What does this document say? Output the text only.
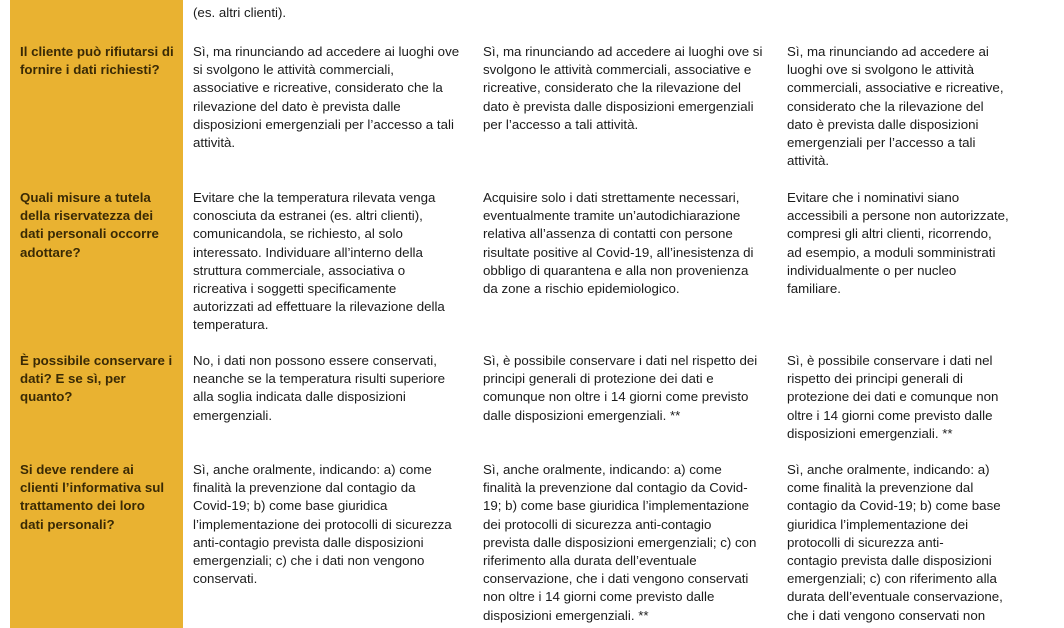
(es. altri clienti).
Il cliente può rifiutarsi di
fornire i dati richiesti?
Sì, ma rinunciando ad accedere ai luoghi ove
si svolgono le attività commerciali,
associative e ricreative, considerato che la
rilevazione del dato è prevista dalle
disposizioni emergenziali per l’accesso a tali
attività.
Sì, ma rinunciando ad accedere ai luoghi ove si
svolgono le attività commerciali, associative e
ricreative, considerato che la rilevazione del
dato è prevista dalle disposizioni emergenziali
per l’accesso a tali attività.
Sì, ma rinunciando ad accedere ai
luoghi ove si svolgono le attività
commerciali, associative e ricreative,
considerato che la rilevazione del
dato è prevista dalle disposizioni
emergenziali per l’accesso a tali
attività.
Quali misure a tutela
della riservatezza dei
dati personali occorre
adottare?
Evitare che la temperatura rilevata venga
conosciuta da estranei (es. altri clienti),
comunicandola, se richiesto, al solo
interessato. Individuare all’interno della
struttura commerciale, associativa o
ricreativa i soggetti specificamente
autorizzati ad effettuare la rilevazione della
temperatura.
Acquisire solo i dati strettamente necessari,
eventualmente tramite un’autodichiarazione
relativa all’assenza di contatti con persone
risultate positive al Covid-19, all’inesistenza di
obbligo di quarantena e alla non provenienza
da zone a rischio epidemiologico.
Evitare che i nominativi siano
accessibili a persone non autorizzate,
compresi gli altri clienti, ricorrendo,
ad esempio, a moduli somministrati
individualmente o per nucleo
familiare.
È possibile conservare i
dati? E se sì, per
quanto?
No, i dati non possono essere conservati,
neanche se la temperatura risulti superiore
alla soglia indicata dalle disposizioni
emergenziali.
Sì, è possibile conservare i dati nel rispetto dei
principi generali di protezione dei dati e
comunque non oltre i 14 giorni come previsto
dalle disposizioni emergenziali. **
Sì, è possibile conservare i dati nel
rispetto dei principi generali di
protezione dei dati e comunque non
oltre i 14 giorni come previsto dalle
disposizioni emergenziali. **
Si deve rendere ai
clienti l’informativa sul
trattamento dei loro
dati personali?
Sì, anche oralmente, indicando: a) come
finalità la prevenzione dal contagio da
Covid-19; b) come base giuridica
l’implementazione dei protocolli di sicurezza
anti-contagio prevista dalle disposizioni
emergenziali; c) che i dati non vengono
conservati.
Sì, anche oralmente, indicando: a) come
finalità la prevenzione dal contagio da Covid-
19; b) come base giuridica l’implementazione
dei protocolli di sicurezza anti-contagio
prevista dalle disposizioni emergenziali; c) con
riferimento alla durata dell’eventuale
conservazione, che i dati vengono conservati
non oltre i 14 giorni come previsto dalle
disposizioni emergenziali. **
Sì, anche oralmente, indicando: a)
come finalità la prevenzione dal
contagio da Covid-19; b) come base
giuridica l’implementazione dei
protocolli di sicurezza anti-
contagio prevista dalle disposizioni
emergenziali; c) con riferimento alla
durata dell’eventuale conservazione,
che i dati vengono conservati non
